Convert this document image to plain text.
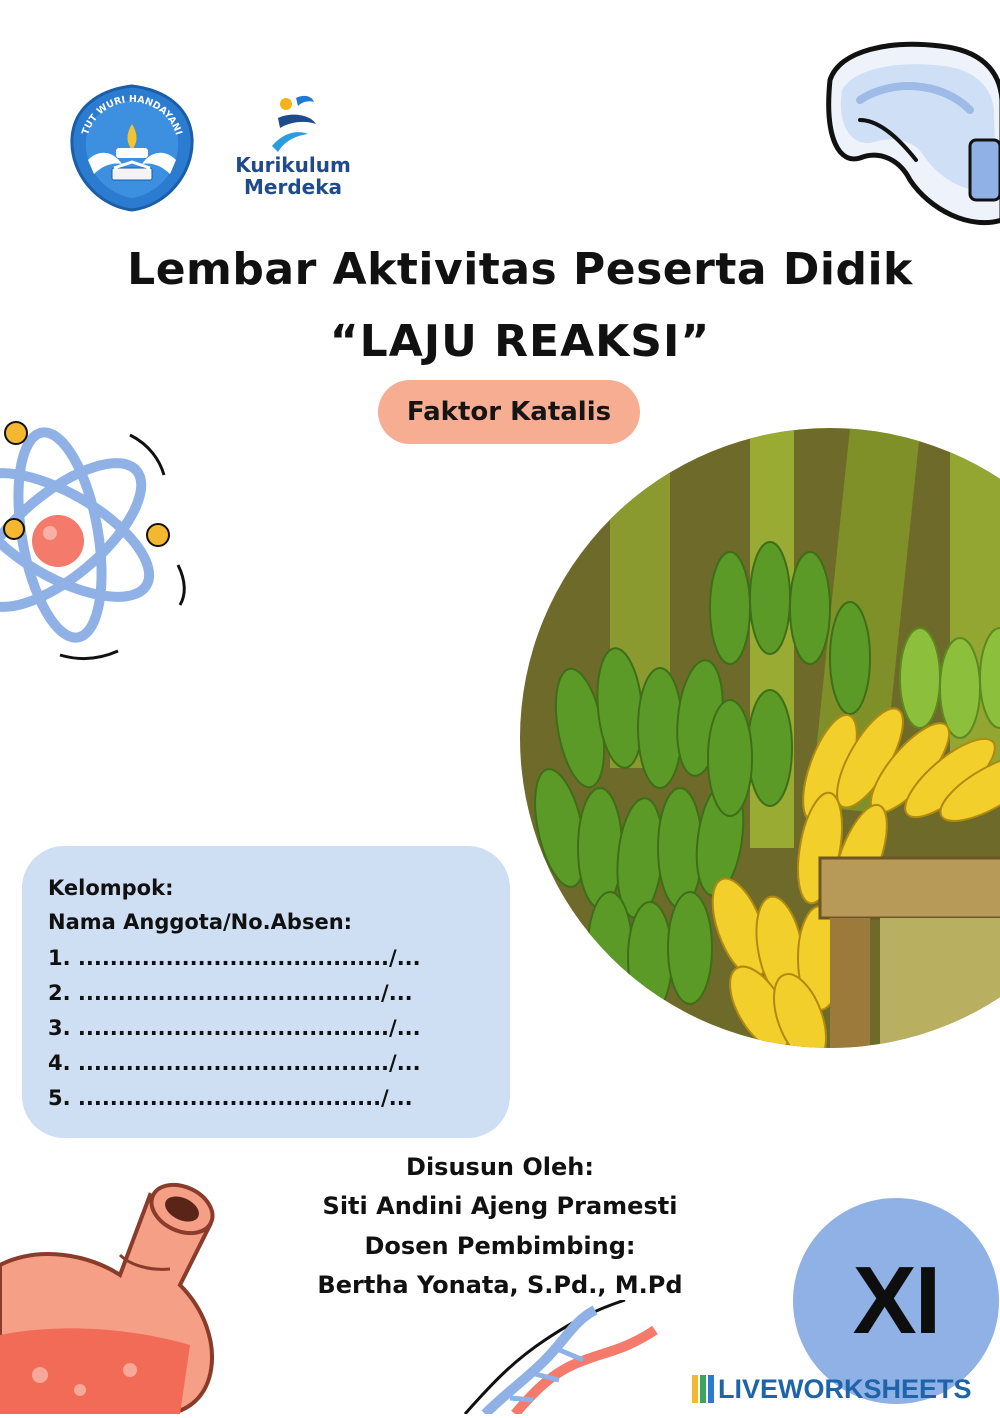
TUT WURI HANDAYANI
Kurikulum
Merdeka
Lembar Aktivitas Peserta Didik
“LAJU REAKSI”
Faktor Katalis
Kelompok:
Nama Anggota/No.Absen:
1. ......................................./...
2. ....................................../...
3. ......................................./...
4. ......................................./...
5. ....................................../...
Disusun Oleh:
Siti Andini Ajeng Pramesti
Dosen Pembimbing:
Bertha Yonata, S.Pd., M.Pd	XI
LIVEWORKSHEETS
